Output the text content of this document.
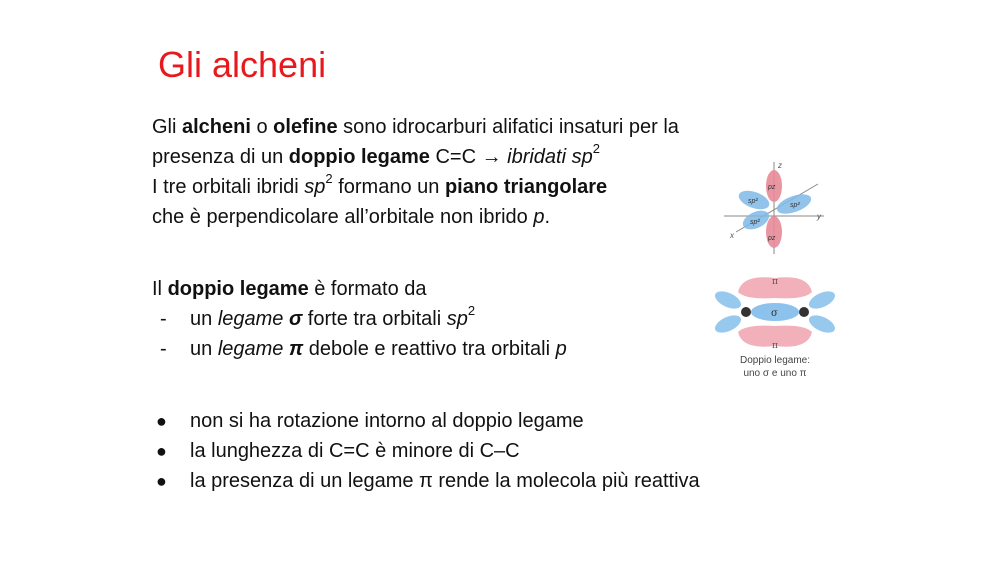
Gli alcheni
Gli alcheni o olefine sono idrocarburi alifatici insaturi per la
presenza di un doppio legame C=C → ibridati $sp^2$
I tre orbitali ibridi $sp^2$ formano un piano triangolare
che è perpendicolare all’orbitale non ibrido p.
Il doppio legame è formato da
- un legame σ forte tra orbitali $sp^2$
- un legame π debole e reattivo tra orbitali p
● non si ha rotazione intorno al doppio legame
● la lunghezza di C=C è minore di C–C
● la presenza di un legame π rende la molecola più reattiva
z
y
x
pz
pz
sp²
sp²
sp²
π
σ
π
Doppio legame:
uno σ e uno π
